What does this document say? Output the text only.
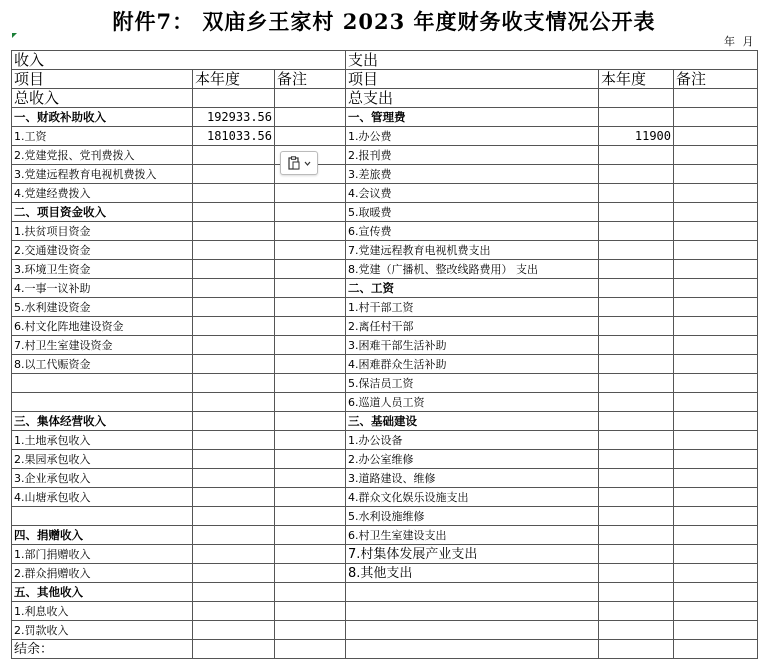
附件7： 双庙乡王家村 2023 年度财务收支情况公开表
				年 月	
收入			支出		
项目	本年度	备注	项目	本年度	备注
总收入			总支出		
一、财政补助收入	192933.56		一、管理费		
1.工资	181033.56		1.办公费	11900	
2.党建党报、党刊费拨入			2.报刊费		
3.党建远程教育电视机费拨入			3.差旅费		
4.党建经费拨入			4.会议费		
二、项目资金收入			5.取暖费		
1.扶贫项目资金			6.宣传费		
2.交通建设资金			7.党建远程教育电视机费支出		
3.环境卫生资金			8.党建（广播机、整改线路费用） 支出		
4.一事一议补助			二、工资		
5.水利建设资金			1.村干部工资		
6.村文化阵地建设资金			2.离任村干部		
7.村卫生室建设资金			3.困难干部生活补助		
8.以工代赈资金			4.困难群众生活补助		
			5.保洁员工资		
			6.巡道人员工资		
三、集体经营收入			三、基础建设		
1.土地承包收入			1.办公设备		
2.果园承包收入			2.办公室维修		
3.企业承包收入			3.道路建设、维修		
4.山塘承包收入			4.群众文化娱乐设施支出		
			5.水利设施维修		
四、捐赠收入			6.村卫生室建设支出		
1.部门捐赠收入			7.村集体发展产业支出		
2.群众捐赠收入			8.其他支出		
五、其他收入					
1.利息收入					
2.罚款收入					
结余：					
